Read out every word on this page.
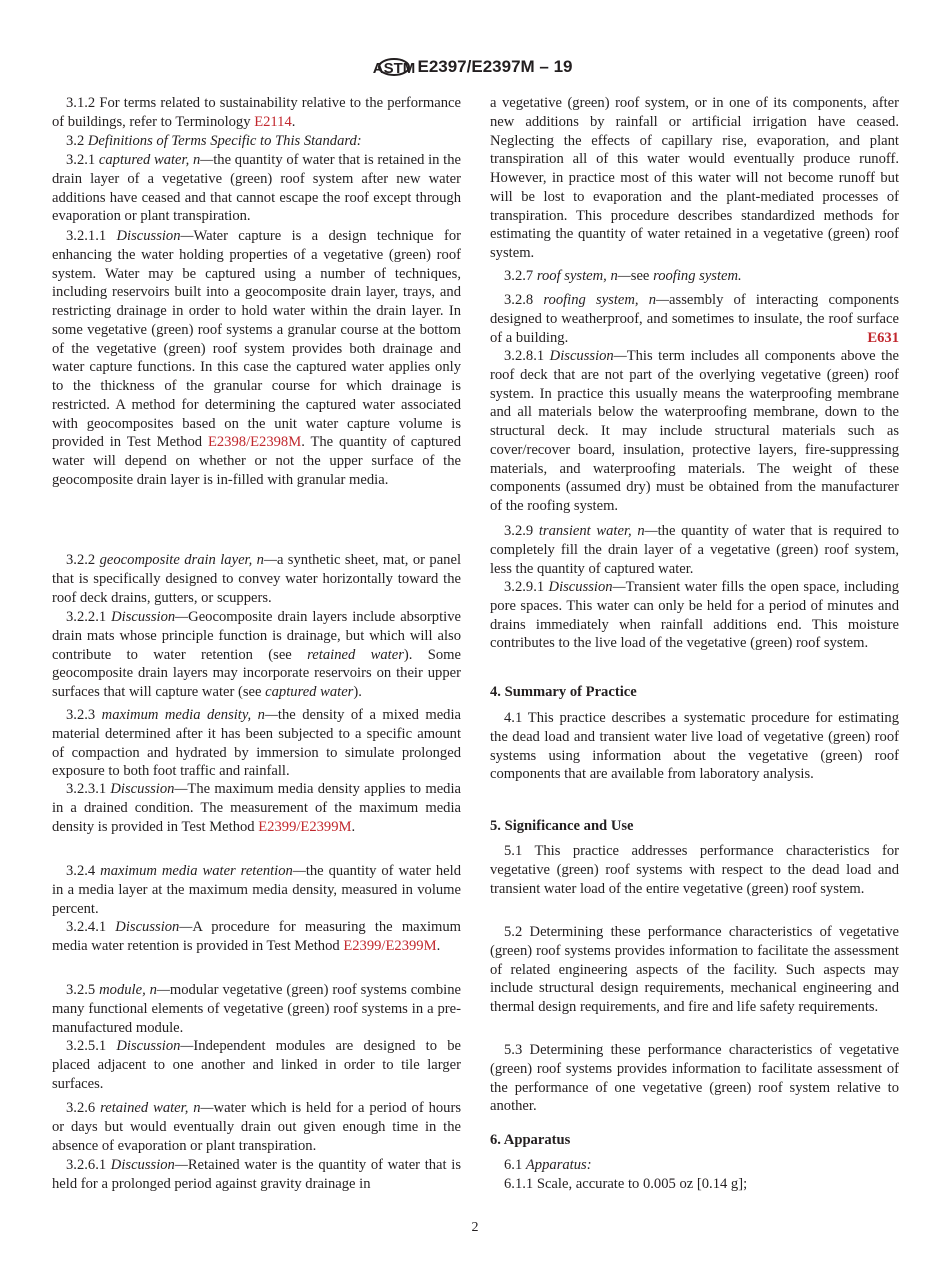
ASTM E2397/E2397M – 19

3.1.2 For terms related to sustainability relative to the performance of buildings, refer to Terminology E2114.

3.2 Definitions of Terms Specific to This Standard:

3.2.1 captured water, n—the quantity of water that is retained in the drain layer of a vegetative (green) roof system after new water additions have ceased and that cannot escape the roof except through evaporation or plant transpiration.

3.2.1.1 Discussion—Water capture is a design technique for enhancing the water holding properties of a vegetative (green) roof system. Water may be captured using a number of techniques, including reservoirs built into a geocomposite drain layer, trays, and restricting drainage in order to hold water within the drain layer. In some vegetative (green) roof systems a granular course at the bottom of the vegetative (green) roof system provides both drainage and water capture functions. In this case the captured water applies only to the thickness of the granular course for which drainage is restricted. A method for determining the captured water associated with geocomposites based on the unit water capture volume is provided in Test Method E2398/E2398M. The quantity of captured water will depend on whether or not the upper surface of the geocomposite drain layer is in-filled with granular media.

3.2.2 geocomposite drain layer, n—a synthetic sheet, mat, or panel that is specifically designed to convey water horizontally toward the roof deck drains, gutters, or scuppers.

3.2.2.1 Discussion—Geocomposite drain layers include absorptive drain mats whose principle function is drainage, but which will also contribute to water retention (see retained water). Some geocomposite drain layers may incorporate reservoirs on their upper surfaces that will capture water (see captured water).

3.2.3 maximum media density, n—the density of a mixed media material determined after it has been subjected to a specific amount of compaction and hydrated by immersion to simulate prolonged exposure to both foot traffic and rainfall.

3.2.3.1 Discussion—The maximum media density applies to media in a drained condition. The measurement of the maximum media density is provided in Test Method E2399/E2399M.

3.2.4 maximum media water retention—the quantity of water held in a media layer at the maximum media density, measured in volume percent.

3.2.4.1 Discussion—A procedure for measuring the maximum media water retention is provided in Test Method E2399/E2399M.

3.2.5 module, n—modular vegetative (green) roof systems combine many functional elements of vegetative (green) roof systems in a pre-manufactured module.

3.2.5.1 Discussion—Independent modules are designed to be placed adjacent to one another and linked in order to tile larger surfaces.

3.2.6 retained water, n—water which is held for a period of hours or days but would eventually drain out given enough time in the absence of evaporation or plant transpiration.

3.2.6.1 Discussion—Retained water is the quantity of water that is held for a prolonged period against gravity drainage in

a vegetative (green) roof system, or in one of its components, after new additions by rainfall or artificial irrigation have ceased. Neglecting the effects of capillary rise, evaporation, and plant transpiration all of this water would eventually produce runoff. However, in practice most of this water will not become runoff but will be lost to evaporation and the plant-mediated processes of transpiration. This procedure describes standardized methods for estimating the quantity of water retained in a vegetative (green) roof system.

3.2.7 roof system, n—see roofing system.

3.2.8 roofing system, n—assembly of interacting components designed to weatherproof, and sometimes to insulate, the roof surface of a building.	E631

3.2.8.1 Discussion—This term includes all components above the roof deck that are not part of the overlying vegetative (green) roof system. In practice this usually means the waterproofing membrane and all materials below the waterproofing membrane, down to the structural deck. It may include structural materials such as cover/recover board, insulation, protective layers, fire-suppressing materials, and waterproofing materials. The weight of these components (assumed dry) must be obtained from the manufacturer of the roofing system.

3.2.9 transient water, n—the quantity of water that is required to completely fill the drain layer of a vegetative (green) roof system, less the quantity of captured water.

3.2.9.1 Discussion—Transient water fills the open space, including pore spaces. This water can only be held for a period of minutes and drains immediately when rainfall additions end. This moisture contributes to the live load of the vegetative (green) roof system.

4. Summary of Practice

4.1 This practice describes a systematic procedure for estimating the dead load and transient water live load of vegetative (green) roof systems using information about the vegetative (green) roof components that are available from laboratory analysis.

5. Significance and Use

5.1 This practice addresses performance characteristics for vegetative (green) roof systems with respect to the dead load and transient water load of the entire vegetative (green) roof system.

5.2 Determining these performance characteristics of vegetative (green) roof systems provides information to facilitate the assessment of related engineering aspects of the facility. Such aspects may include structural design requirements, mechanical engineering and thermal design requirements, and fire and life safety requirements.

5.3 Determining these performance characteristics of vegetative (green) roof systems provides information to facilitate assessment of the performance of one vegetative (green) roof system relative to another.

6. Apparatus

6.1 Apparatus:

6.1.1 Scale, accurate to 0.005 oz [0.14 g];

2
